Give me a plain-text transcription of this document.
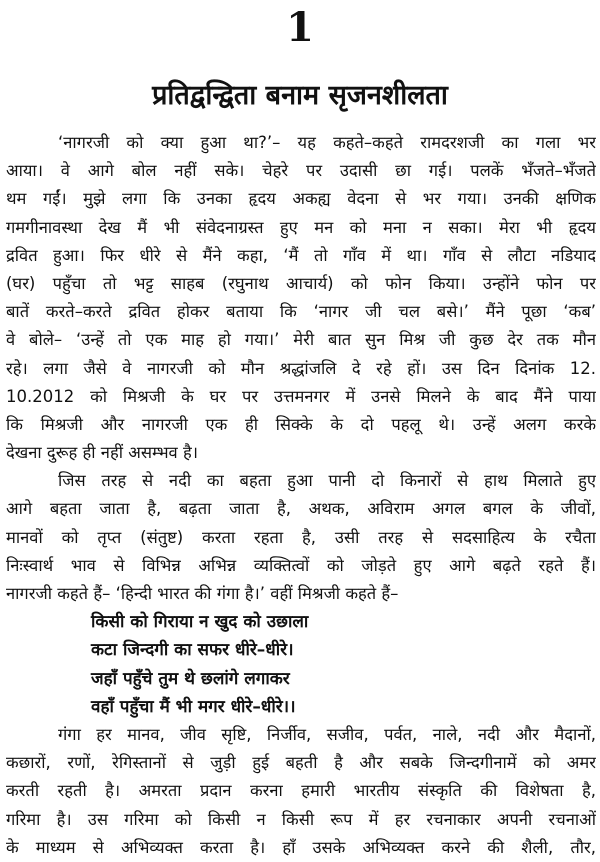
1
प्रतिद्वन्द्विता बनाम सृजनशीलता
‘नागरजी को क्या हुआ था?’– यह कहते–कहते रामदरशजी का गला भर
आया। वे आगे बोल नहीं सके। चेहरे पर उदासी छा गई। पलकें भँजते–भँजते
थम गईं। मुझे लगा कि उनका हृदय अकह्य वेदना से भर गया। उनकी क्षणिक
गमगीनावस्था देख मैं भी संवेदनाग्रस्त हुए मन को मना न सका। मेरा भी हृदय
द्रवित हुआ। फिर धीरे से मैंने कहा, ‘मैं तो गाँव में था। गाँव से लौटा नडियाद
(घर) पहुँचा तो भट्ट साहब (रघुनाथ आचार्य) को फोन किया। उन्होंने फोन पर
बातें करते–करते द्रवित होकर बताया कि ‘नागर जी चल बसे।’ मैंने पूछा ‘कब’
वे बोले– ‘उन्हें तो एक माह हो गया।’ मेरी बात सुन मिश्र जी कुछ देर तक मौन
रहे। लगा जैसे वे नागरजी को मौन श्रद्धांजलि दे रहे हों। उस दिन दिनांक 12.
10.2012 को मिश्रजी के घर पर उत्तमनगर में उनसे मिलने के बाद मैंने पाया
कि मिश्रजी और नागरजी एक ही सिक्के के दो पहलू थे। उन्हें अलग करके
देखना दुरूह ही नहीं असम्भव है।
जिस तरह से नदी का बहता हुआ पानी दो किनारों से हाथ मिलाते हुए
आगे बहता जाता है, बढ़ता जाता है, अथक, अविराम अगल बगल के जीवों,
मानवों को तृप्त (संतुष्ट) करता रहता है, उसी तरह से सदसाहित्य के रचैता
निःस्वार्थ भाव से विभिन्न अभिन्न व्यक्तित्वों को जोड़ते हुए आगे बढ़ते रहते हैं।
नागरजी कहते हैं– ‘हिन्दी भारत की गंगा है।’ वहीं मिश्रजी कहते हैं–
किसी को गिराया न खुद को उछाला
कटा जिन्दगी का सफर धीरे–धीरे।
जहाँ पहुँचे तुम थे छलांगे लगाकर
वहाँ पहुँचा मैं भी मगर धीरे–धीरे।।
गंगा हर मानव, जीव सृष्टि, निर्जीव, सजीव, पर्वत, नाले, नदी और मैदानों,
कछारों, रणों, रेगिस्तानों से जुड़ी हुई बहती है और सबके जिन्दगीनामें को अमर
करती रहती है। अमरता प्रदान करना हमारी भारतीय संस्कृति की विशेषता है,
गरिमा है। उस गरिमा को किसी न किसी रूप में हर रचनाकार अपनी रचनाओं
के माध्यम से अभिव्यक्त करता है। हाँ उसके अभिव्यक्त करने की शैली, तौर,
